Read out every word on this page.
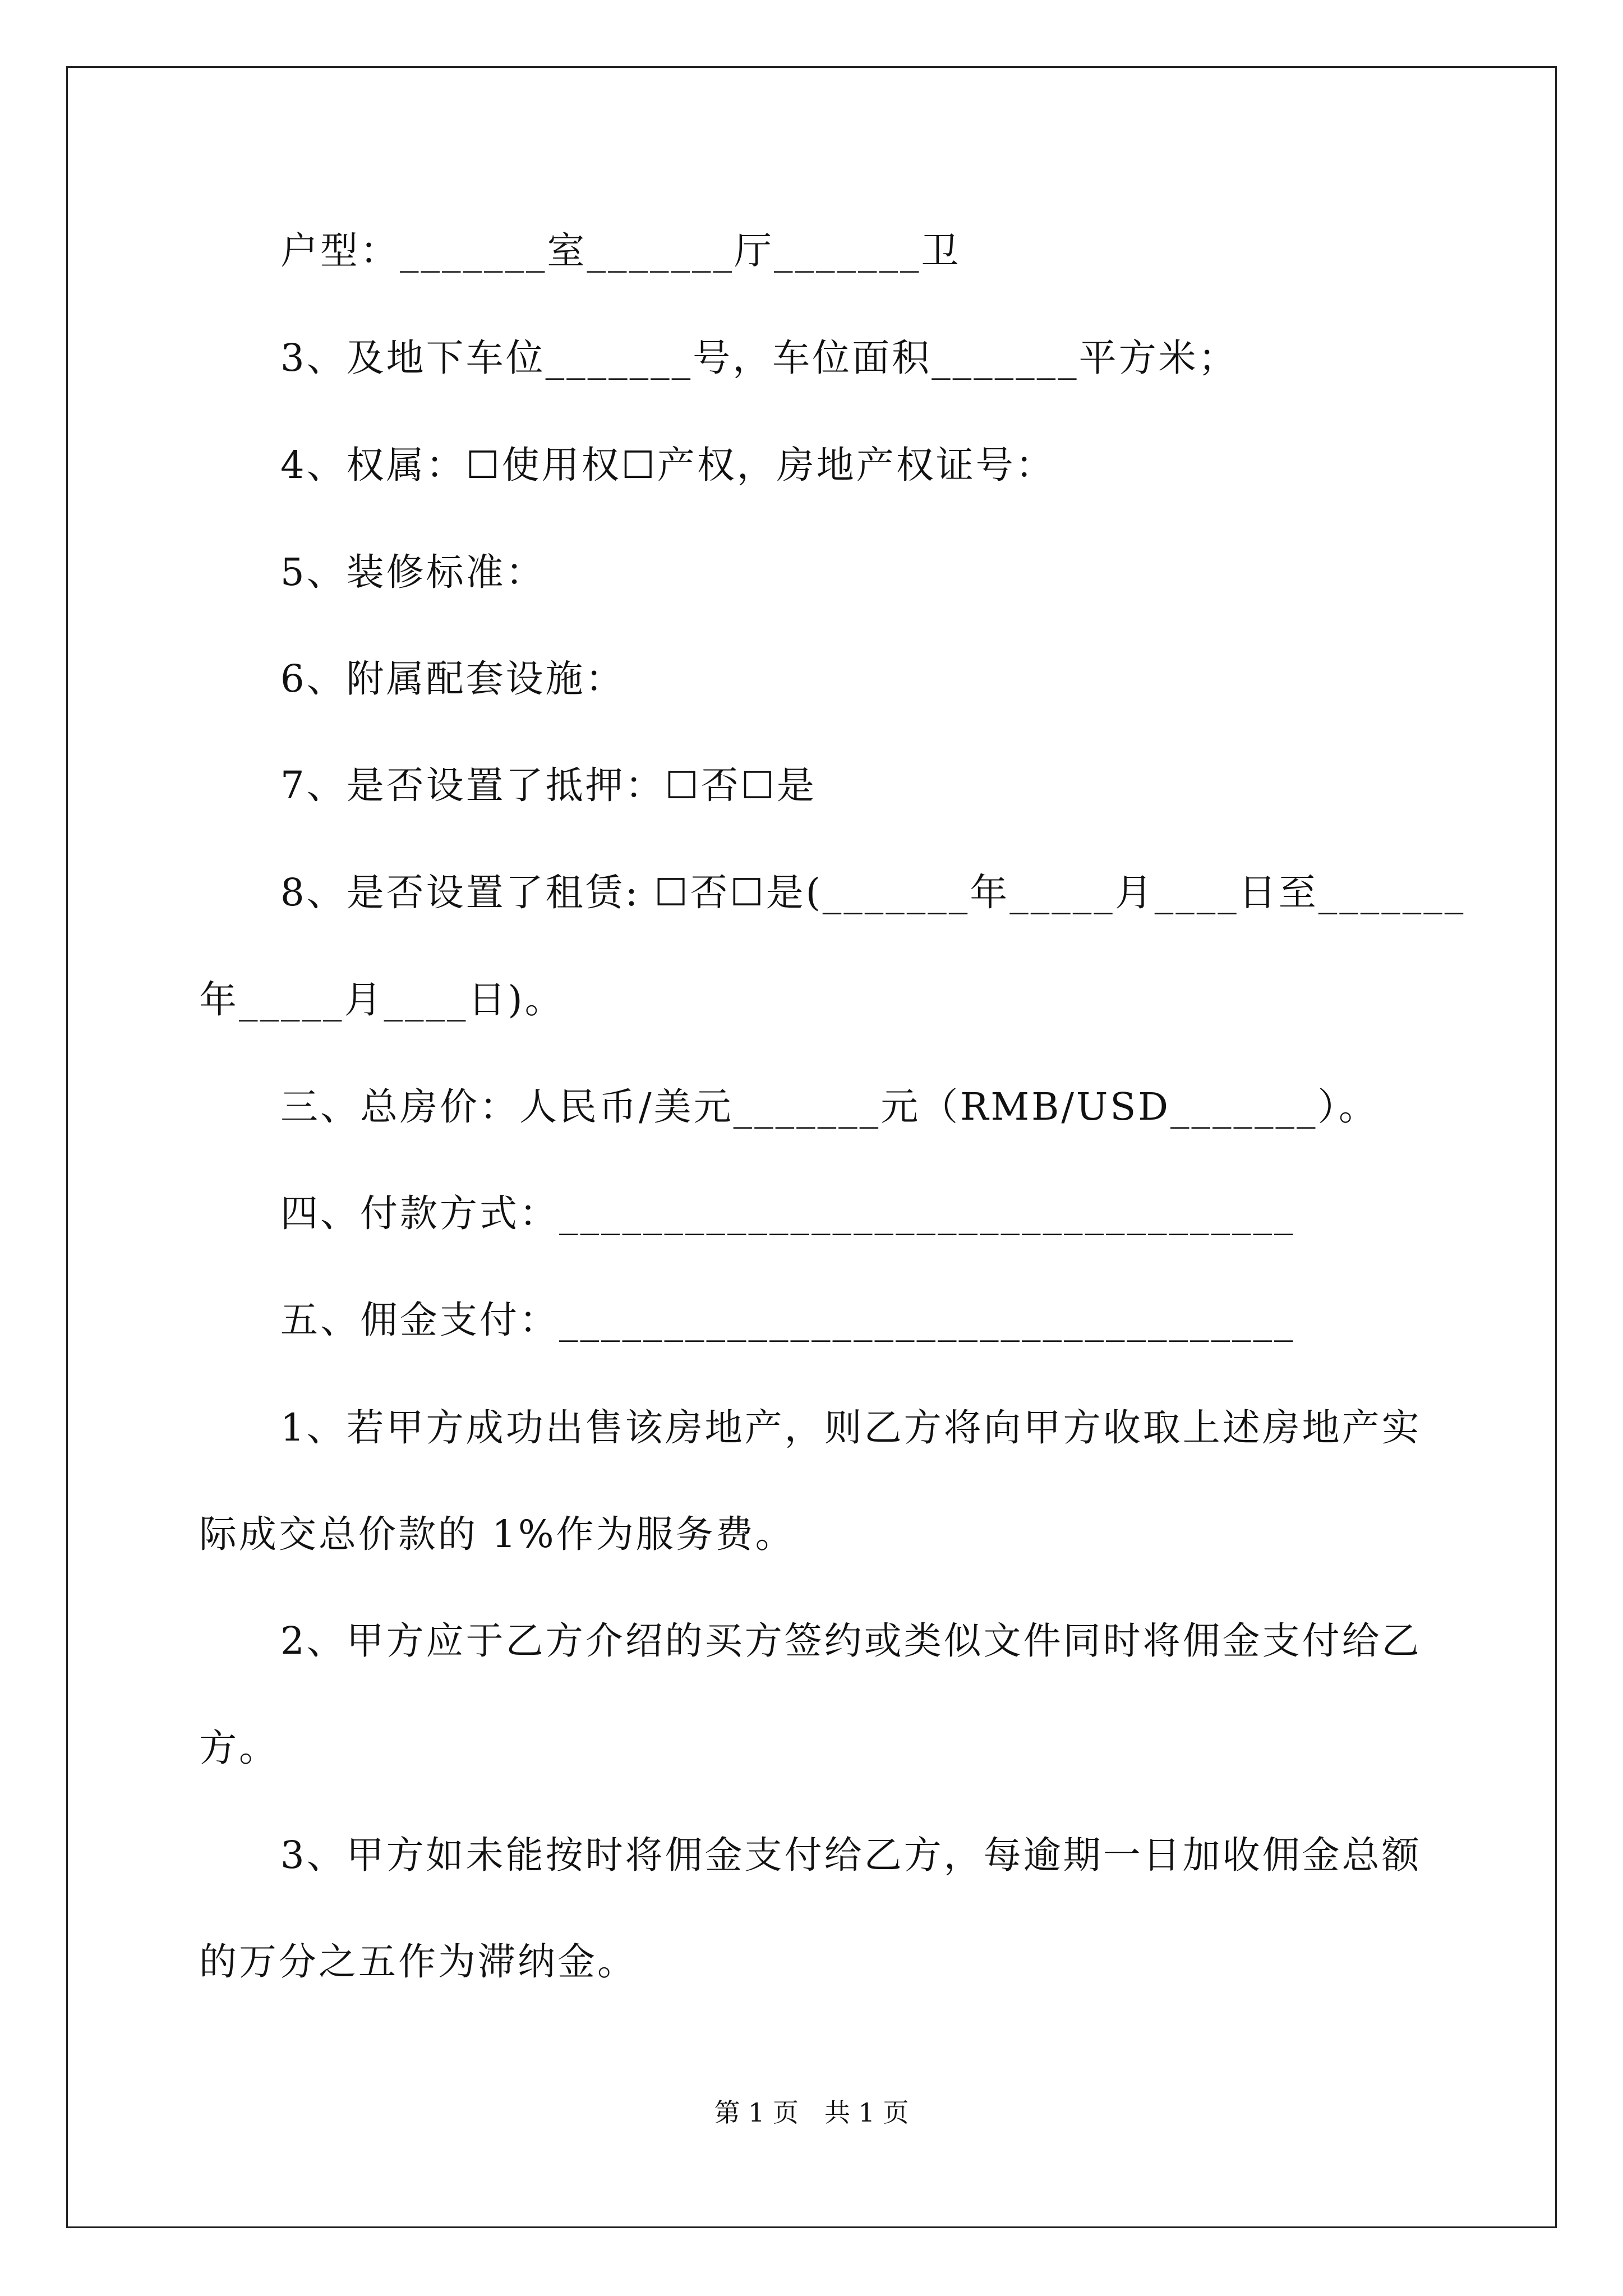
户型：_______室_______厅_______卫
3、及地下车位_______号，车位面积_______平方米；
4、权属：☐使用权☐产权，房地产权证号：
5、装修标准：
6、附属配套设施：
7、是否设置了抵押：☐否☐是
8、是否设置了租赁: ☐否☐是(_______年_____月____日至_______
年_____月____日)。
三、总房价：人民币/美元_______元（RMB/USD_______）。
四、付款方式：___________________________________
五、佣金支付：___________________________________
1、若甲方成功出售该房地产，则乙方将向甲方收取上述房地产实
际成交总价款的 1%作为服务费。
2、甲方应于乙方介绍的买方签约或类似文件同时将佣金支付给乙
方。
3、甲方如未能按时将佣金支付给乙方，每逾期一日加收佣金总额
的万分之五作为滞纳金。
第 1 页　共 1 页
